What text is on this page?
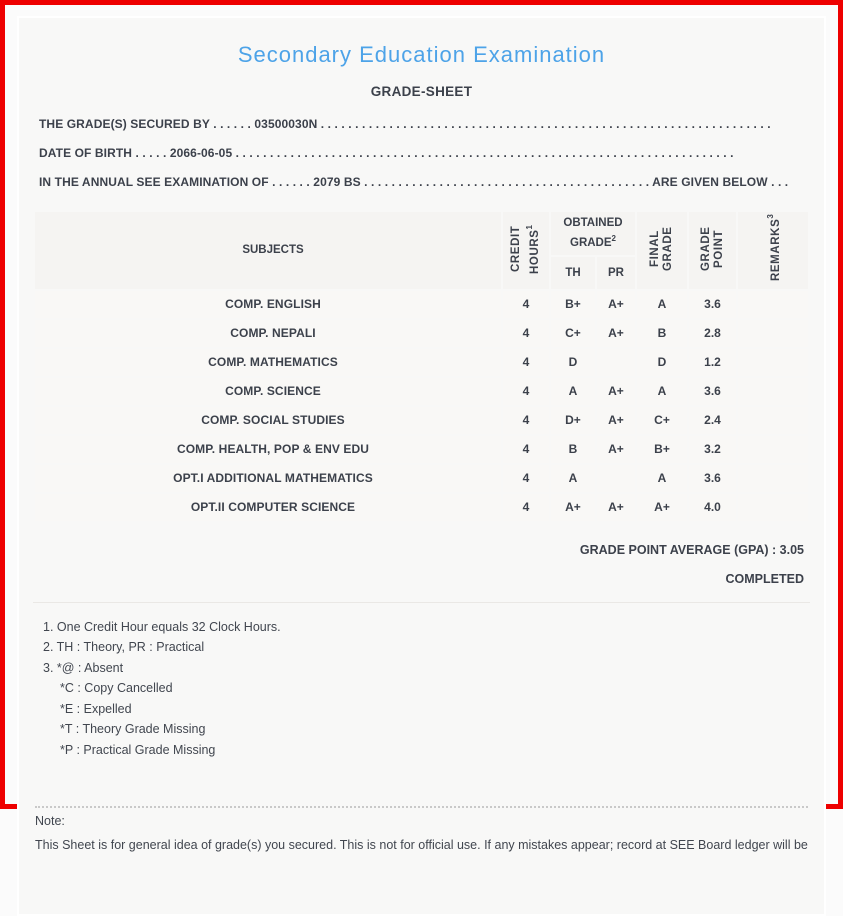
Secondary Education Examination
GRADE-SHEET
THE GRADE(S) SECURED BY . . . . . . 03500030N . . . . . . . . . . . . . . . . . . . . . . . . . . . . . . . . . . . . . . . . . . . . . . . . . . . . . . . . . . . . . . . . . .
DATE OF BIRTH . . . . . 2066-06-05 . . . . . . . . . . . . . . . . . . . . . . . . . . . . . . . . . . . . . . . . . . . . . . . . . . . . . . . . . . . . . . . . . . . . . . . . .
IN THE ANNUAL SEE EXAMINATION OF . . . . . . 2079 BS . . . . . . . . . . . . . . . . . . . . . . . . . . . . . . . . . . . . . . . . . . ARE GIVEN BELOW . . .
SUBJECTS	CREDIT HOURS$^1$	OBTAINED GRADE$^2$		FINAL GRADE	GRADE POINT	REMARKS$^3$
		TH	PR			
COMP. ENGLISH	4	B+	A+	A	3.6	
COMP. NEPALI	4	C+	A+	B	2.8	
COMP. MATHEMATICS	4	D		D	1.2	
COMP. SCIENCE	4	A	A+	A	3.6	
COMP. SOCIAL STUDIES	4	D+	A+	C+	2.4	
COMP. HEALTH, POP & ENV EDU	4	B	A+	B+	3.2	
OPT.I ADDITIONAL MATHEMATICS	4	A		A	3.6	
OPT.II COMPUTER SCIENCE	4	A+	A+	A+	4.0	
GRADE POINT AVERAGE (GPA) : 3.05
COMPLETED
1. One Credit Hour equals 32 Clock Hours.
2. TH : Theory, PR : Practical
3. *@ : Absent
*C : Copy Cancelled
*E : Expelled
*T : Theory Grade Missing
*P : Practical Grade Missing
Note:
This Sheet is for general idea of grade(s) you secured. This is not for official use. If any mistakes appear; record at SEE Board ledger will be
